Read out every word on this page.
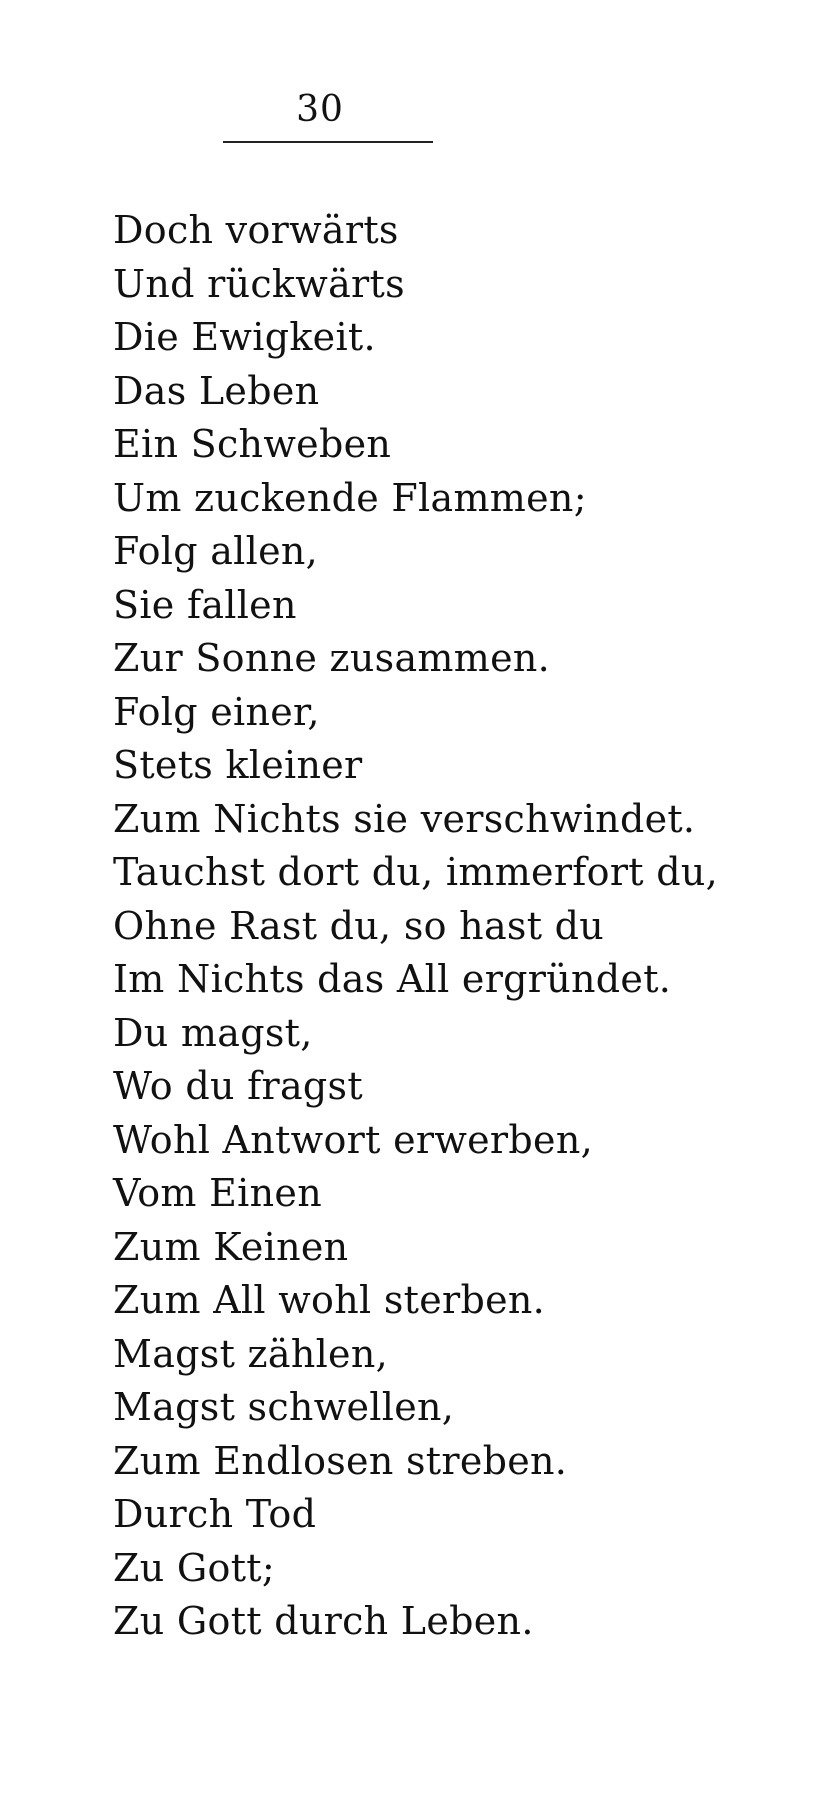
30
Doch vorwärts
Und rückwärts
Die Ewigkeit.
Das Leben
Ein Schweben
Um zuckende Flammen;
Folg allen,
Sie fallen
Zur Sonne zusammen.
Folg einer,
Stets kleiner
Zum Nichts sie verschwindet.
Tauchst dort du, immerfort du,
Ohne Rast du, so hast du
Im Nichts das All ergründet.
Du magst,
Wo du fragst
Wohl Antwort erwerben,
Vom Einen
Zum Keinen
Zum All wohl sterben.
Magst zählen,
Magst schwellen,
Zum Endlosen streben.
Durch Tod
Zu Gott;
Zu Gott durch Leben.
